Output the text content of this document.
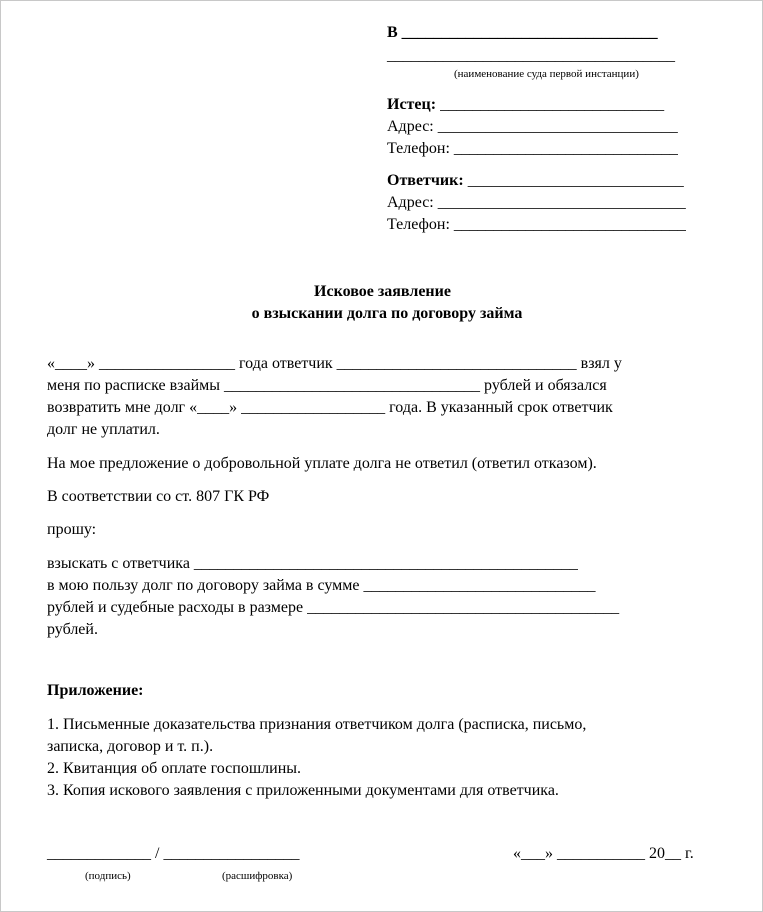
В ________________________________
____________________________________
(наименование суда первой инстанции)
Истец: ____________________________
Адрес: ______________________________
Телефон: ____________________________
Ответчик: ___________________________
Адрес: _______________________________
Телефон: _____________________________
Исковое заявление
о взыскании долга по договору займа
«____» _________________ года ответчик ______________________________ взял у
меня по расписке взаймы ________________________________ рублей и обязался
возвратить мне долг «____» __________________ года. В указанный срок ответчик
долг не уплатил.
На мое предложение о добровольной уплате долга не ответил (ответил отказом).
В соответствии со ст. 807 ГК РФ
прошу:
взыскать с ответчика ________________________________________________
в мою пользу долг по договору займа в сумме _____________________________
рублей и судебные расходы в размере _______________________________________
рублей.
Приложение:
1. Письменные доказательства признания ответчиком долга (расписка, письмо,
записка, договор и т. п.).
2. Квитанция об оплате госпошлины.
3. Копия искового заявления с приложенными документами для ответчика.
_____________ / _________________	«___» ___________ 20__ г.
(подпись)	(расшифровка)
